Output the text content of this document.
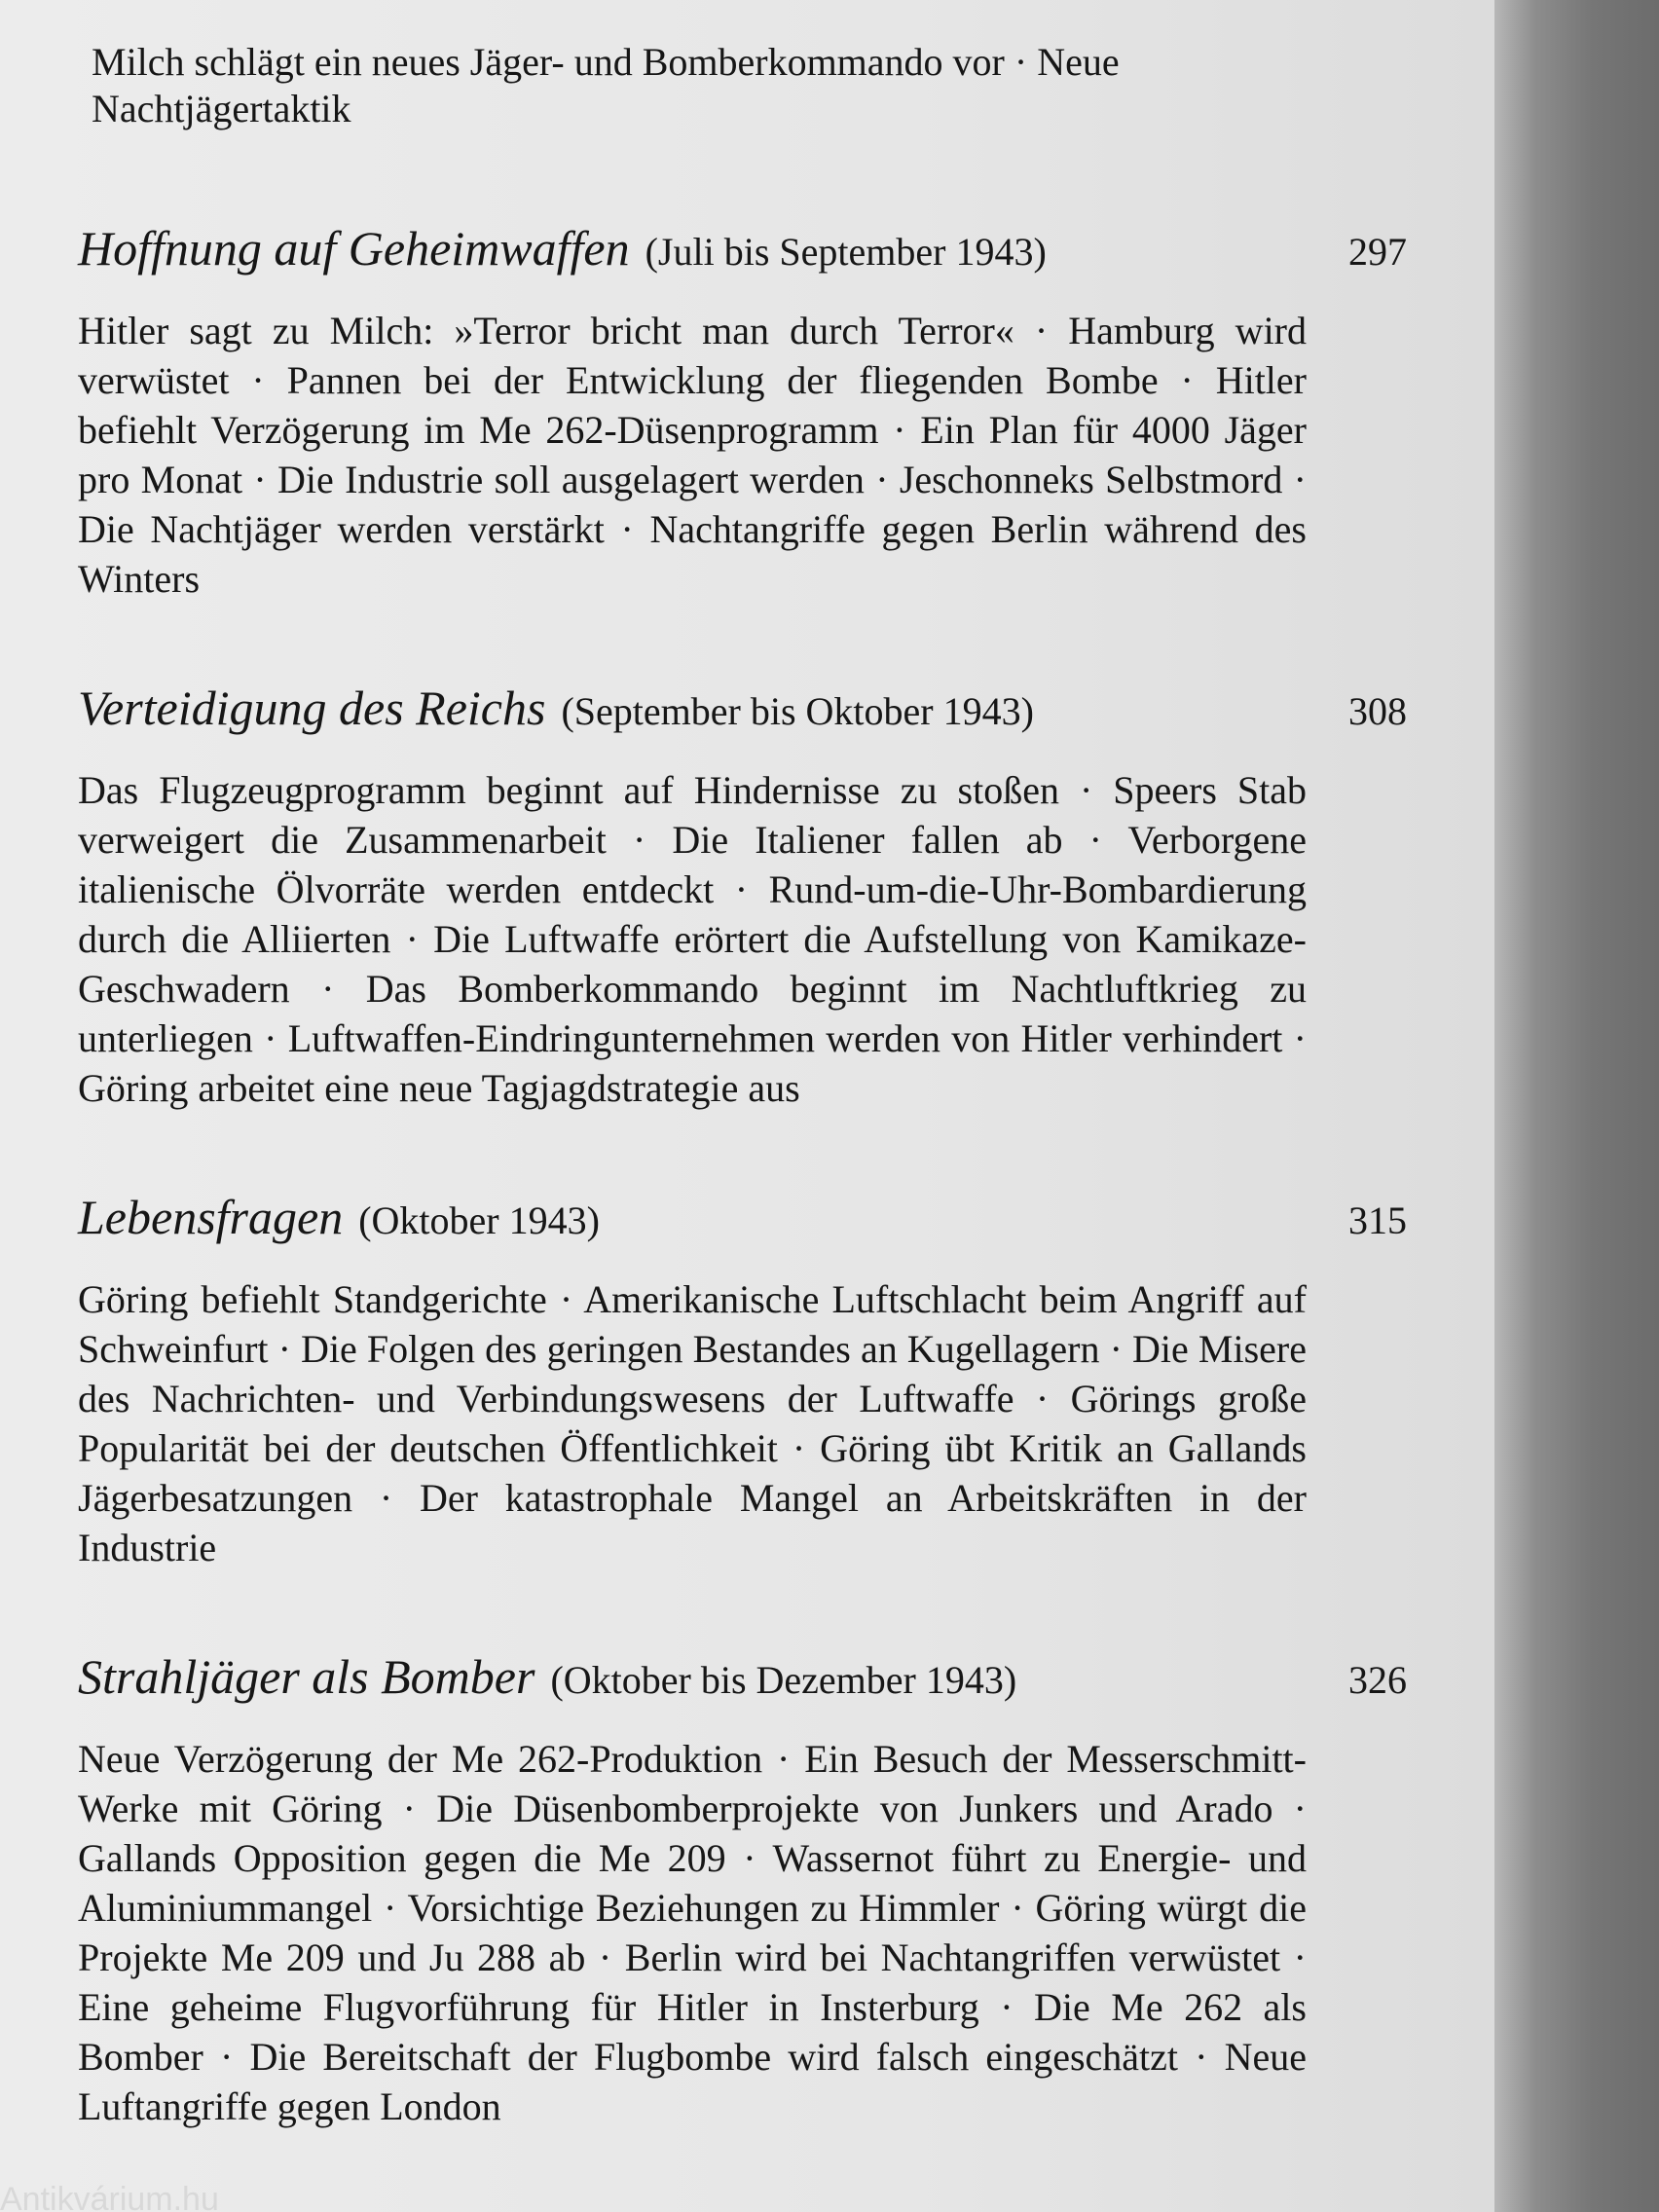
Milch schlägt ein neues Jäger- und Bomberkommando vor · Neue Nachtjägertaktik

Hoffnung auf Geheimwaffen (Juli bis September 1943)	297

Hitler sagt zu Milch: »Terror bricht man durch Terror« · Hamburg wird verwüstet · Pannen bei der Entwicklung der fliegenden Bombe · Hitler befiehlt Verzögerung im Me 262-Düsenprogramm · Ein Plan für 4000 Jäger pro Monat · Die Industrie soll ausgelagert werden · Jeschonneks Selbstmord · Die Nachtjäger werden verstärkt · Nachtangriffe gegen Berlin während des Winters

Verteidigung des Reichs (September bis Oktober 1943)	308

Das Flugzeugprogramm beginnt auf Hindernisse zu stoßen · Speers Stab verweigert die Zusammenarbeit · Die Italiener fallen ab · Verborgene italienische Ölvorräte werden entdeckt · Rund-um-die-Uhr-Bombardierung durch die Alliierten · Die Luftwaffe erörtert die Aufstellung von Kamikaze-Geschwadern · Das Bomberkommando beginnt im Nachtluftkrieg zu unterliegen · Luftwaffen-Eindringunternehmen werden von Hitler verhindert · Göring arbeitet eine neue Tagjagdstrategie aus

Lebensfragen (Oktober 1943)	315

Göring befiehlt Standgerichte · Amerikanische Luftschlacht beim Angriff auf Schweinfurt · Die Folgen des geringen Bestandes an Kugellagern · Die Misere des Nachrichten- und Verbindungswesens der Luftwaffe · Görings große Popularität bei der deutschen Öffentlichkeit · Göring übt Kritik an Gallands Jägerbesatzungen · Der katastrophale Mangel an Arbeitskräften in der Industrie

Strahljäger als Bomber (Oktober bis Dezember 1943)	326

Neue Verzögerung der Me 262-Produktion · Ein Besuch der Messerschmitt-Werke mit Göring · Die Düsenbomberprojekte von Junkers und Arado · Gallands Opposition gegen die Me 209 · Wassernot führt zu Energie- und Aluminiummangel · Vorsichtige Beziehungen zu Himmler · Göring würgt die Projekte Me 209 und Ju 288 ab · Berlin wird bei Nachtangriffen verwüstet · Eine geheime Flugvorführung für Hitler in Insterburg · Die Me 262 als Bomber · Die Bereitschaft der Flugbombe wird falsch eingeschätzt · Neue Luftangriffe gegen London

Antikvárium.hu
